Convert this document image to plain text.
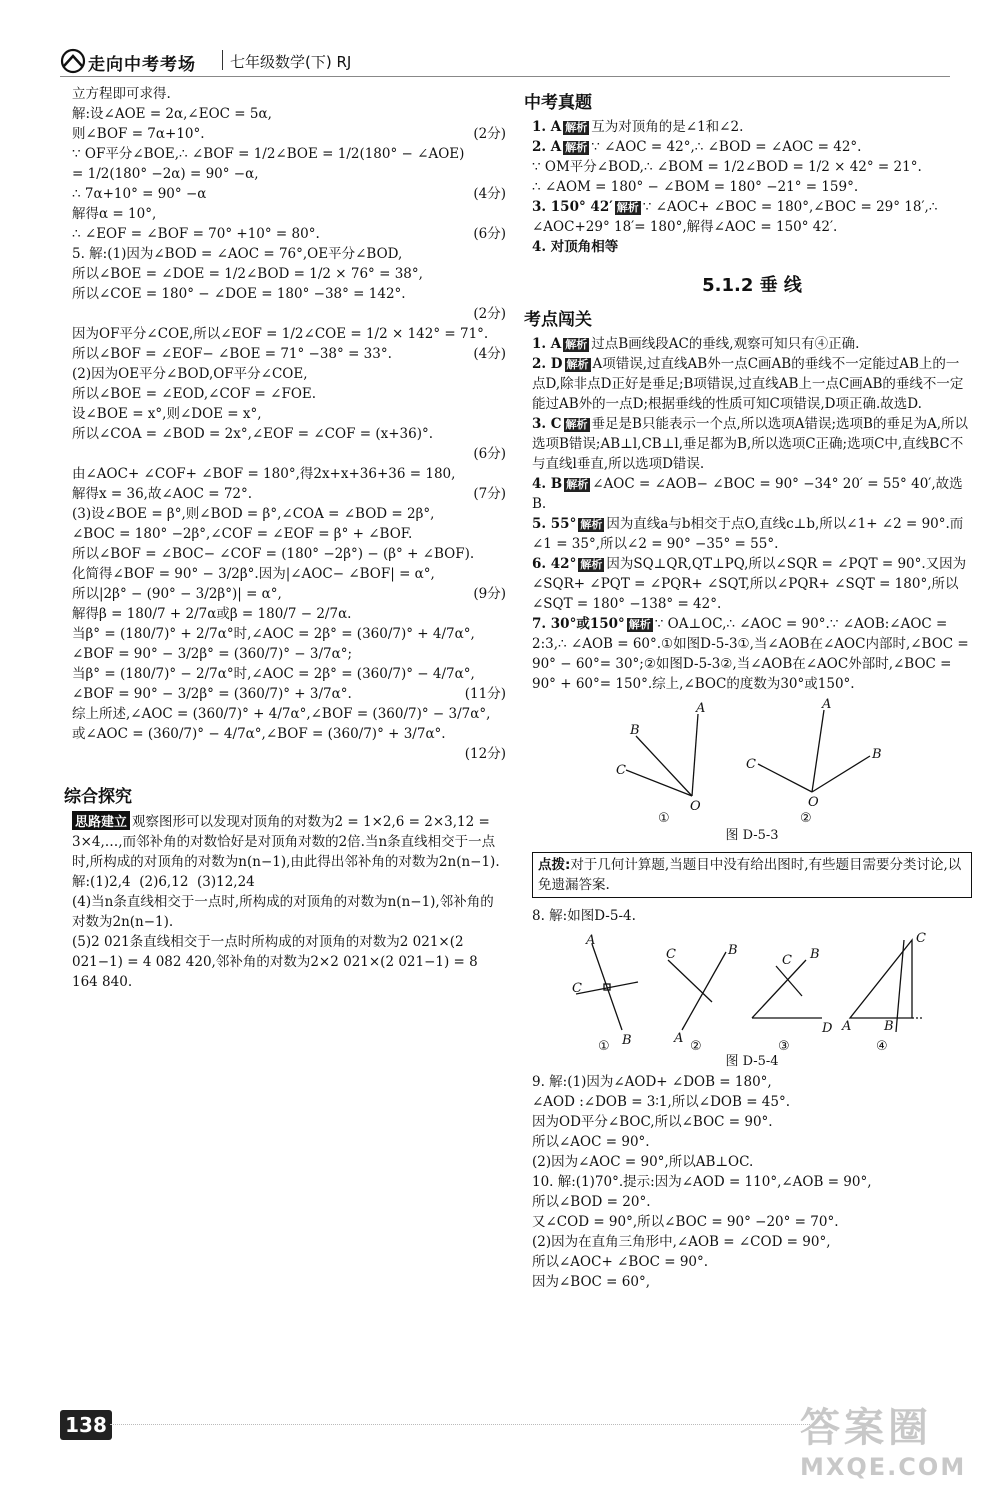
走向中考考场 七年级数学(下) RJ
立方程即可求得.
解:设∠AOE = 2α,∠EOC = 5α,
则∠BOF = 7α+10°.	(2分)
∵ OF平分∠BOE,∴ ∠BOF = 1/2∠BOE = 1/2(180° − ∠AOE)
= 1/2(180° −2α) = 90° −α,
∴ 7α+10° = 90° −α	(4分)
解得α = 10°,
∴ ∠EOF = ∠BOF = 70° +10° = 80°.	(6分)
5. 解:(1)因为∠BOD = ∠AOC = 76°,OE平分∠BOD,
所以∠BOE = ∠DOE = 1/2∠BOD = 1/2 × 76° = 38°,
所以∠COE = 180° − ∠DOE = 180° −38° = 142°.
(2分)
因为OF平分∠COE,所以∠EOF = 1/2∠COE = 1/2 × 142° = 71°.
所以∠BOF = ∠EOF− ∠BOE = 71° −38° = 33°.	(4分)
(2)因为OE平分∠BOD,OF平分∠COE,
所以∠BOE = ∠EOD,∠COF = ∠FOE.
设∠BOE = x°,则∠DOE = x°,
所以∠COA = ∠BOD = 2x°,∠EOF = ∠COF = (x+36)°.
(6分)
由∠AOC+ ∠COF+ ∠BOF = 180°,得2x+x+36+36 = 180,
解得x = 36,故∠AOC = 72°.	(7分)
(3)设∠BOE = β°,则∠BOD = β°,∠COA = ∠BOD = 2β°,
∠BOC = 180° −2β°,∠COF = ∠EOF = β° + ∠BOF.
所以∠BOF = ∠BOC− ∠COF = (180° −2β°) − (β° + ∠BOF).
化简得∠BOF = 90° − 3/2β°.因为|∠AOC− ∠BOF| = α°,
所以|2β° − (90° − 3/2β°)| = α°,	(9分)
解得β = 180/7 + 2/7α或β = 180/7 − 2/7α.
当β° = (180/7)° + 2/7α°时,∠AOC = 2β° = (360/7)° + 4/7α°,
∠BOF = 90° − 3/2β° = (360/7)° − 3/7α°;
当β° = (180/7)° − 2/7α°时,∠AOC = 2β° = (360/7)° − 4/7α°,
∠BOF = 90° − 3/2β° = (360/7)° + 3/7α°.	(11分)
综上所述,∠AOC = (360/7)° + 4/7α°,∠BOF = (360/7)° − 3/7α°,
或∠AOC = (360/7)° − 4/7α°,∠BOF = (360/7)° + 3/7α°.
(12分)
综合探究
思路建立 观察图形可以发现对顶角的对数为2 = 1×2,6 = 2×3,12 = 3×4,…,而邻补角的对数恰好是对顶角对数的2倍.当n条直线相交于一点时,所构成的对顶角的对数为n(n−1),由此得出邻补角的对数为2n(n−1).
解:(1)2,4  (2)6,12  (3)12,24
(4)当n条直线相交于一点时,所构成的对顶角的对数为n(n−1),邻补角的对数为2n(n−1).
(5)2 021条直线相交于一点时所构成的对顶角的对数为2 021×(2 021−1) = 4 082 420,邻补角的对数为2×2 021×(2 021−1) = 8 164 840.
中考真题
1. A 解析 互为对顶角的是∠1和∠2.
2. A 解析 ∵ ∠AOC = 42°,∴ ∠BOD = ∠AOC = 42°.
∵ OM平分∠BOD,∴ ∠BOM = 1/2∠BOD = 1/2 × 42° = 21°.
∴ ∠AOM = 180° − ∠BOM = 180° −21° = 159°.
3. 150° 42′ 解析 ∵ ∠AOC+ ∠BOC = 180°,∠BOC = 29° 18′,∴ ∠AOC+29° 18′= 180°,解得∠AOC = 150° 42′.
4. 对顶角相等
5.1.2 垂 线
考点闯关
1. A 解析 过点B画线段AC的垂线,观察可知只有④正确.
2. D 解析 A项错误,过直线AB外一点C画AB的垂线不一定能过AB上的一点D,除非点D正好是垂足;B项错误,过直线AB上一点C画AB的垂线不一定能过AB外的一点D;根据垂线的性质可知C项错误,D项正确.故选D.
3. C 解析 垂足是B只能表示一个点,所以选项A错误;选项B的垂足为A,所以选项B错误;AB⊥l,CB⊥l,垂足都为B,所以选项C正确;选项C中,直线BC不与直线l垂直,所以选项D错误.
4. B 解析 ∠AOC = ∠AOB− ∠BOC = 90° −34° 20′ = 55° 40′,故选B.
5. 55° 解析 因为直线a与b相交于点O,直线c⊥b,所以∠1+ ∠2 = 90°.而∠1 = 35°,所以∠2 = 90° −35° = 55°.
6. 42° 解析 因为SQ⊥QR,QT⊥PQ,所以∠SQR = ∠PQT = 90°.又因为∠SQR+ ∠PQT = ∠PQR+ ∠SQT,所以∠PQR+ ∠SQT = 180°,所以∠SQT = 180° −138° = 42°.
7. 30°或150° 解析 ∵ OA⊥OC,∴ ∠AOC = 90°.∵ ∠AOB:∠AOC = 2:3,∴ ∠AOB = 60°.①如图D-5-3①,当∠AOB在∠AOC内部时,∠BOC = 90° − 60°= 30°;②如图D-5-3②,当∠AOB在∠AOC外部时,∠BOC = 90° + 60°= 150°.综上,∠BOC的度数为30°或150°.
A
B
C
O
A
B
C
O
①	②
图 D-5-3
点拨:对于几何计算题,当题目中没有给出图时,有些题目需要分类讨论,以免遗漏答案.
8. 解:如图D-5-4.
A
B
C
C	B
A
C B
D
C
A	B
①	②	③	④
图 D-5-4
9. 解:(1)因为∠AOD+ ∠DOB = 180°,
∠AOD :∠DOB = 3∶1,所以∠DOB = 45°.
因为OD平分∠BOC,所以∠BOC = 90°.
所以∠AOC = 90°.
(2)因为∠AOC = 90°,所以AB⊥OC.
10. 解:(1)70°.提示:因为∠AOD = 110°,∠AOB = 90°,
所以∠BOD = 20°.
又∠COD = 90°,所以∠BOC = 90° −20° = 70°.
(2)因为在直角三角形中,∠AOB = ∠COD = 90°,
所以∠AOC+ ∠BOC = 90°.
因为∠BOC = 60°,
138	答案圈
MXQE.COM
